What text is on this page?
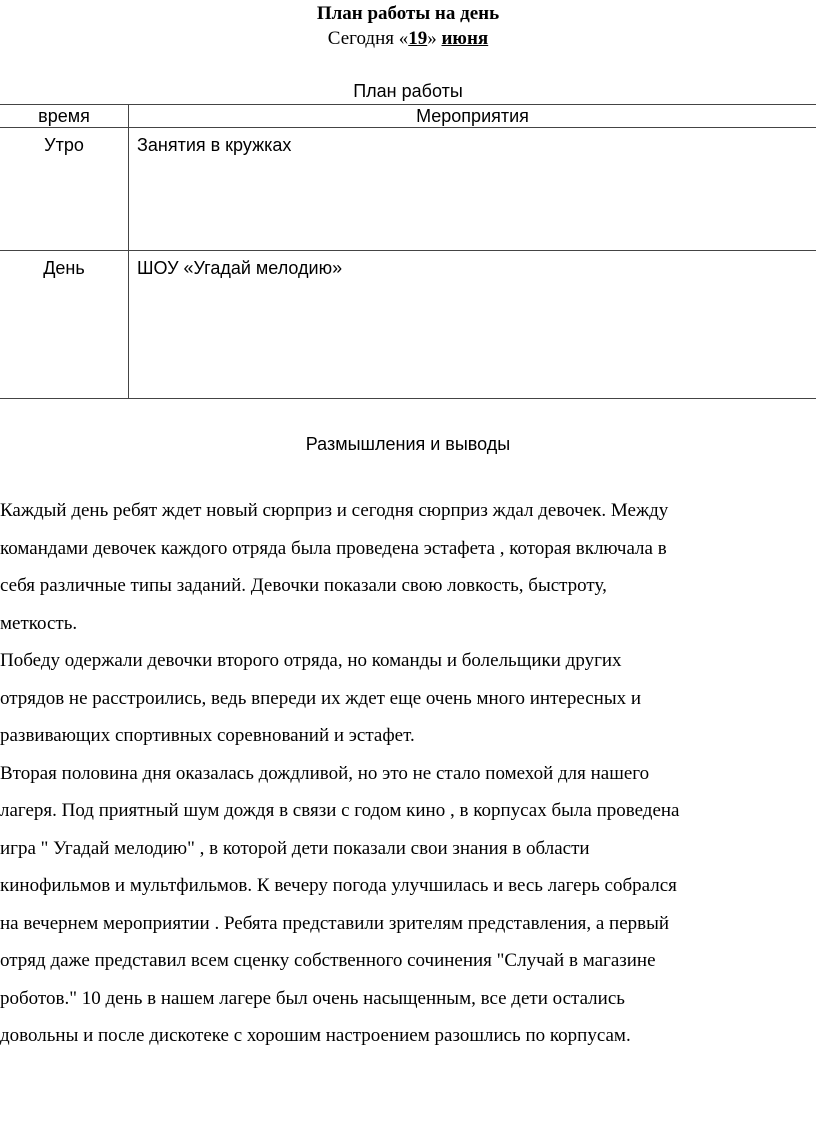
План работы на день
Сегодня «19» июня
План работы
время	Мероприятия
Утро	Занятия в кружках
День	ШОУ «Угадай мелодию»
Размышления и выводы

Каждый день ребят ждет новый сюрприз и сегодня сюрприз ждал девочек. Между

командами девочек каждого отряда была проведена эстафета , которая включала в

себя различные типы заданий. Девочки показали свою ловкость, быстроту,

меткость.

Победу одержали девочки второго отряда, но команды и болельщики других

отрядов не расстроились, ведь впереди их ждет еще очень много интересных и

развивающих спортивных соревнований и эстафет.

Вторая половина дня оказалась дождливой, но это не стало помехой для нашего

лагеря. Под приятный шум дождя в связи с годом кино , в корпусах была проведена

игра " Угадай мелодию" , в которой дети показали свои знания в области

кинофильмов и мультфильмов. К вечеру погода улучшилась и весь лагерь собрался

на вечернем мероприятии . Ребята представили зрителям представления, а первый

отряд даже представил всем сценку собственного сочинения "Случай в магазине

роботов." 10 день в нашем лагере был очень насыщенным, все дети остались

довольны и после дискотеке с хорошим настроением разошлись по корпусам.
